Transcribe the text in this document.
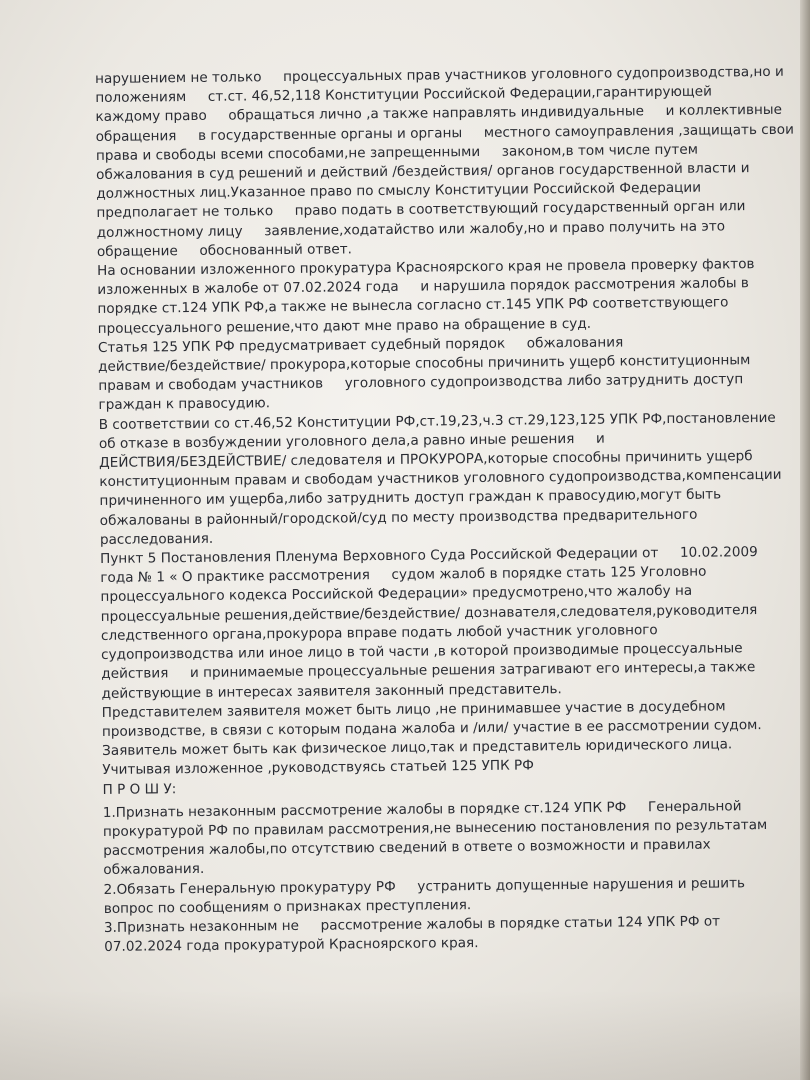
нарушением не только     процессуальных прав участников уголовного судопроизводства,но и
положениям     ст.ст. 46,52,118 Конституции Российской Федерации,гарантирующей
каждому право     обращаться лично ,а также направлять индивидуальные     и коллективные
обращения     в государственные органы и органы     местного самоуправления ,защищать свои
права и свободы всеми способами,не запрещенными     законом,в том числе путем
обжалования в суд решений и действий /бездействия/ органов государственной власти и
должностных лиц.Указанное право по смыслу Конституции Российской Федерации
предполагает не только     право подать в соответствующий государственный орган или
должностному лицу     заявление,ходатайство или жалобу,но и право получить на это
обращение     обоснованный ответ.
На основании изложенного прокуратура Красноярского края не провела проверку фактов
изложенных в жалобе от 07.02.2024 года     и нарушила порядок рассмотрения жалобы в
порядке ст.124 УПК РФ,а также не вынесла согласно ст.145 УПК РФ соответствующего
процессуального решение,что дают мне право на обращение в суд.
Статья 125 УПК РФ предусматривает судебный порядок     обжалования
действие/бездействие/ прокурора,которые способны причинить ущерб конституционным
правам и свободам участников     уголовного судопроизводства либо затруднить доступ
граждан к правосудию.
В соответствии со ст.46,52 Конституции РФ,ст.19,23,ч.3 ст.29,123,125 УПК РФ,постановление
об отказе в возбуждении уголовного дела,а равно иные решения     и
ДЕЙСТВИЯ/БЕЗДЕЙСТВИЕ/ следователя и ПРОКУРОРА,которые способны причинить ущерб
конституционным правам и свободам участников уголовного судопроизводства,компенсации
причиненного им ущерба,либо затруднить доступ граждан к правосудию,могут быть
обжалованы в районный/городской/суд по месту производства предварительного
расследования.
Пункт 5 Постановления Пленума Верховного Суда Российской Федерации от     10.02.2009
года № 1 « О практике рассмотрения     судом жалоб в порядке стать 125 Уголовно
процессуального кодекса Российской Федерации» предусмотрено,что жалобу на
процессуальные решения,действие/бездействие/ дознавателя,следователя,руководителя
следственного органа,прокурора вправе подать любой участник уголовного
судопроизводства или иное лицо в той части ,в которой производимые процессуальные
действия     и принимаемые процессуальные решения затрагивают его интересы,а также
действующие в интересах заявителя законный представитель.
Представителем заявителя может быть лицо ,не принимавшее участие в досудебном
производстве, в связи с которым подана жалоба и /или/ участие в ее рассмотрении судом.
Заявитель может быть как физическое лицо,так и представитель юридического лица.
Учитывая изложенное ,руководствуясь статьей 125 УПК РФ
П Р О Ш У:
1.Признать незаконным рассмотрение жалобы в порядке ст.124 УПК РФ     Генеральной
прокуратурой РФ по правилам рассмотрения,не вынесению постановления по результатам
рассмотрения жалобы,по отсутствию сведений в ответе о возможности и правилах
обжалования.
2.Обязать Генеральную прокуратуру РФ     устранить допущенные нарушения и решить
вопрос по сообщениям о признаках преступления.
3.Признать незаконным не     рассмотрение жалобы в порядке статьи 124 УПК РФ от
07.02.2024 года прокуратурой Красноярского края.
